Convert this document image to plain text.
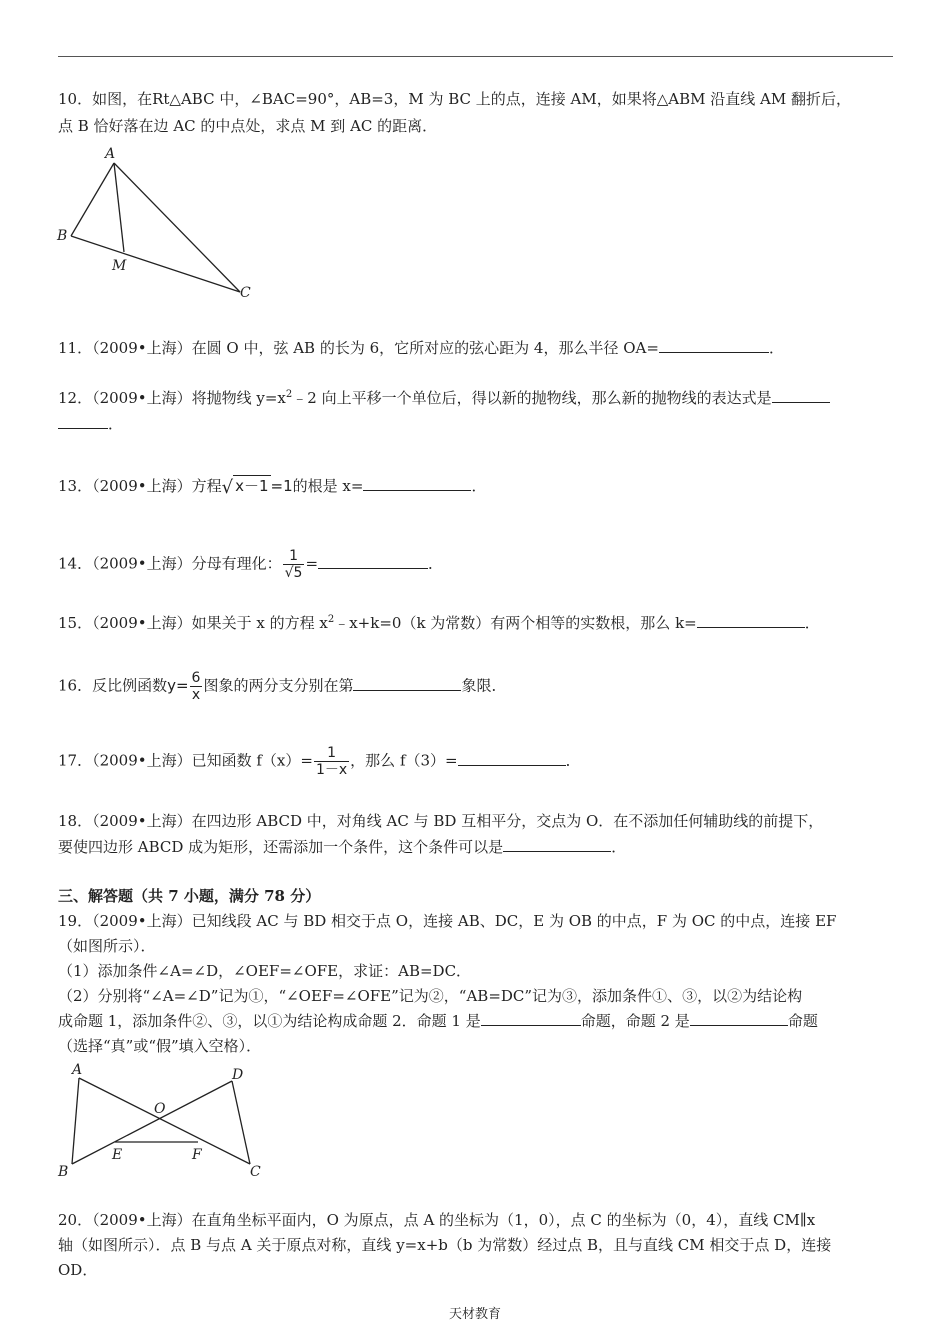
10．如图，在Rt△ABC 中，∠BAC=90°，AB=3，M 为 BC 上的点，连接 AM，如果将△ABM 沿直线 AM 翻折后，
点 B 恰好落在边 AC 的中点处，求点 M 到 AC 的距离．
A
B
M
C
11．（2009•上海）在圆 O 中，弦 AB 的长为 6，它所对应的弦心距为 4，那么半径 OA=	．
12．（2009•上海）将抛物线 $y=x^2﹣2$ 向上平移一个单位后，得以新的抛物线，那么新的抛物线的表达式是
．
13．（2009•上海）方程√ x－1 =1的根是 x=	．
14．（2009•上海）分母有理化： $\frac{1}{√5}$ =	．
15．（2009•上海）如果关于 x 的方程 $x^2﹣x+k=0(k$ 为常数）有两个相等的实数根，那么 k=	．
16．反比例函数$y= \frac{6}{x}$ 图象的两分支分别在第	象限．
17．（2009•上海）已知函数 $f(x)= \frac{1}{1-x}$ ，那么 f（3）=	．
18．（2009•上海）在四边形 ABCD 中，对角线 AC 与 BD 互相平分，交点为 O．在不添加任何辅助线的前提下，
要使四边形 ABCD 成为矩形，还需添加一个条件，这个条件可以是	．
三、解答题（共 7 小题，满分 78 分）
19．（2009•上海）已知线段 AC 与 BD 相交于点 O，连接 AB、DC，E 为 OB 的中点，F 为 OC 的中点，连接 EF
（如图所示）．
（1）添加条件∠A=∠D，∠OEF=∠OFE，求证：AB=DC．
（2）分别将“∠A=∠D”记为①，“∠OEF=∠OFE”记为②，“AB=DC”记为③，添加条件①、③，以②为结论构
成命题 1，添加条件②、③，以①为结论构成命题 2．命题 1 是	命题，命题 2 是	命题
（选择“真”或“假”填入空格）．
A	D
O
E	F
B	C
20．（2009•上海）在直角坐标平面内，O 为原点，点 A 的坐标为（1，0），点 C 的坐标为（0，4），直线 CM∥x
轴（如图所示）．点 B 与点 A 关于原点对称，直线 y=x+b（b 为常数）经过点 B，且与直线 CM 相交于点 D，连接
OD．
天材教育
